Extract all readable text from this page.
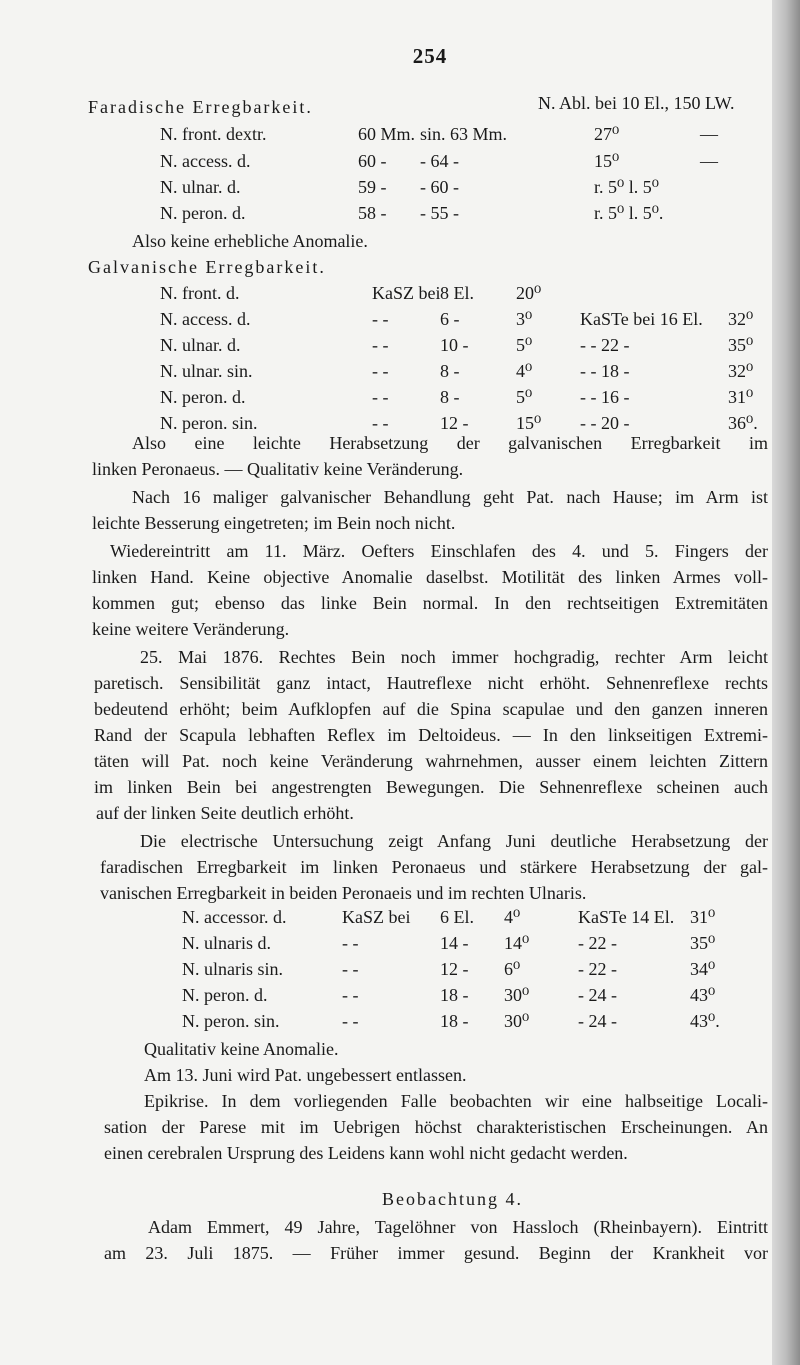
254
Faradische Erregbarkeit.	N. Abl. bei 10 El., 150 LW.
N. front. dextr.	60 Mm. sin. 63 Mm.	27⁰	—
N. access. d.	60 - - 64 -	15⁰	—
N. ulnar. d.	59 - - 60 -	r. 5⁰ l. 5⁰
N. peron. d.	58 - - 55 -	r. 5⁰ l. 5⁰.
Also keine erhebliche Anomalie.
Galvanische Erregbarkeit.
N. front. d.	KaSZ bei 8 El. 20⁰
N. access. d.	- -	6 -	3⁰	KaSTe bei 16 El. 32⁰
N. ulnar. d.	- -	10 -	5⁰	- - 22 -	35⁰
N. ulnar. sin.	- -	8 -	4⁰	- - 18 -	32⁰
N. peron. d.	- -	8 -	5⁰	- - 16 -	31⁰
N. peron. sin.	- -	12 -	15⁰ - - 20 -	36⁰.
Also eine leichte Herabsetzung der galvanischen Erregbarkeit im
linken Peronaeus. — Qualitativ keine Veränderung.
Nach 16 maliger galvanischer Behandlung geht Pat. nach Hause; im Arm ist
leichte Besserung eingetreten; im Bein noch nicht.
Wiedereintritt am 11. März. Oefters Einschlafen des 4. und 5. Fingers der
linken Hand. Keine objective Anomalie daselbst. Motilität des linken Armes voll-
kommen gut; ebenso das linke Bein normal. In den rechtseitigen Extremitäten
keine weitere Veränderung.
25. Mai 1876. Rechtes Bein noch immer hochgradig, rechter Arm leicht
paretisch. Sensibilität ganz intact, Hautreflexe nicht erhöht. Sehnenreflexe rechts
bedeutend erhöht; beim Aufklopfen auf die Spina scapulae und den ganzen inneren
Rand der Scapula lebhaften Reflex im Deltoideus. — In den linkseitigen Extremi-
täten will Pat. noch keine Veränderung wahrnehmen, ausser einem leichten Zittern
im linken Bein bei angestrengten Bewegungen. Die Sehnenreflexe scheinen auch
auf der linken Seite deutlich erhöht.
Die electrische Untersuchung zeigt Anfang Juni deutliche Herabsetzung der
faradischen Erregbarkeit im linken Peronaeus und stärkere Herabsetzung der gal-
vanischen Erregbarkeit in beiden Peronaeis und im rechten Ulnaris.
N. accessor. d.	KaSZ bei 6 El. 4⁰	KaSTe 14 El. 31⁰
N. ulnaris d.	- -	14 - 14⁰	- 22 -	35⁰
N. ulnaris sin.	- -	12 - 6⁰	- 22 -	34⁰
N. peron. d.	- -	18 - 30⁰	- 24 -	43⁰
N. peron. sin.	- -	18 - 30⁰	- 24 -	43⁰.
Qualitativ keine Anomalie.
Am 13. Juni wird Pat. ungebessert entlassen.
Epikrise. In dem vorliegenden Falle beobachten wir eine halbseitige Locali-
sation der Parese mit im Uebrigen höchst charakteristischen Erscheinungen. An
einen cerebralen Ursprung des Leidens kann wohl nicht gedacht werden.
Beobachtung 4.
Adam Emmert, 49 Jahre, Tagelöhner von Hassloch (Rheinbayern). Eintritt
am 23. Juli 1875. — Früher immer gesund. Beginn der Krankheit vor
